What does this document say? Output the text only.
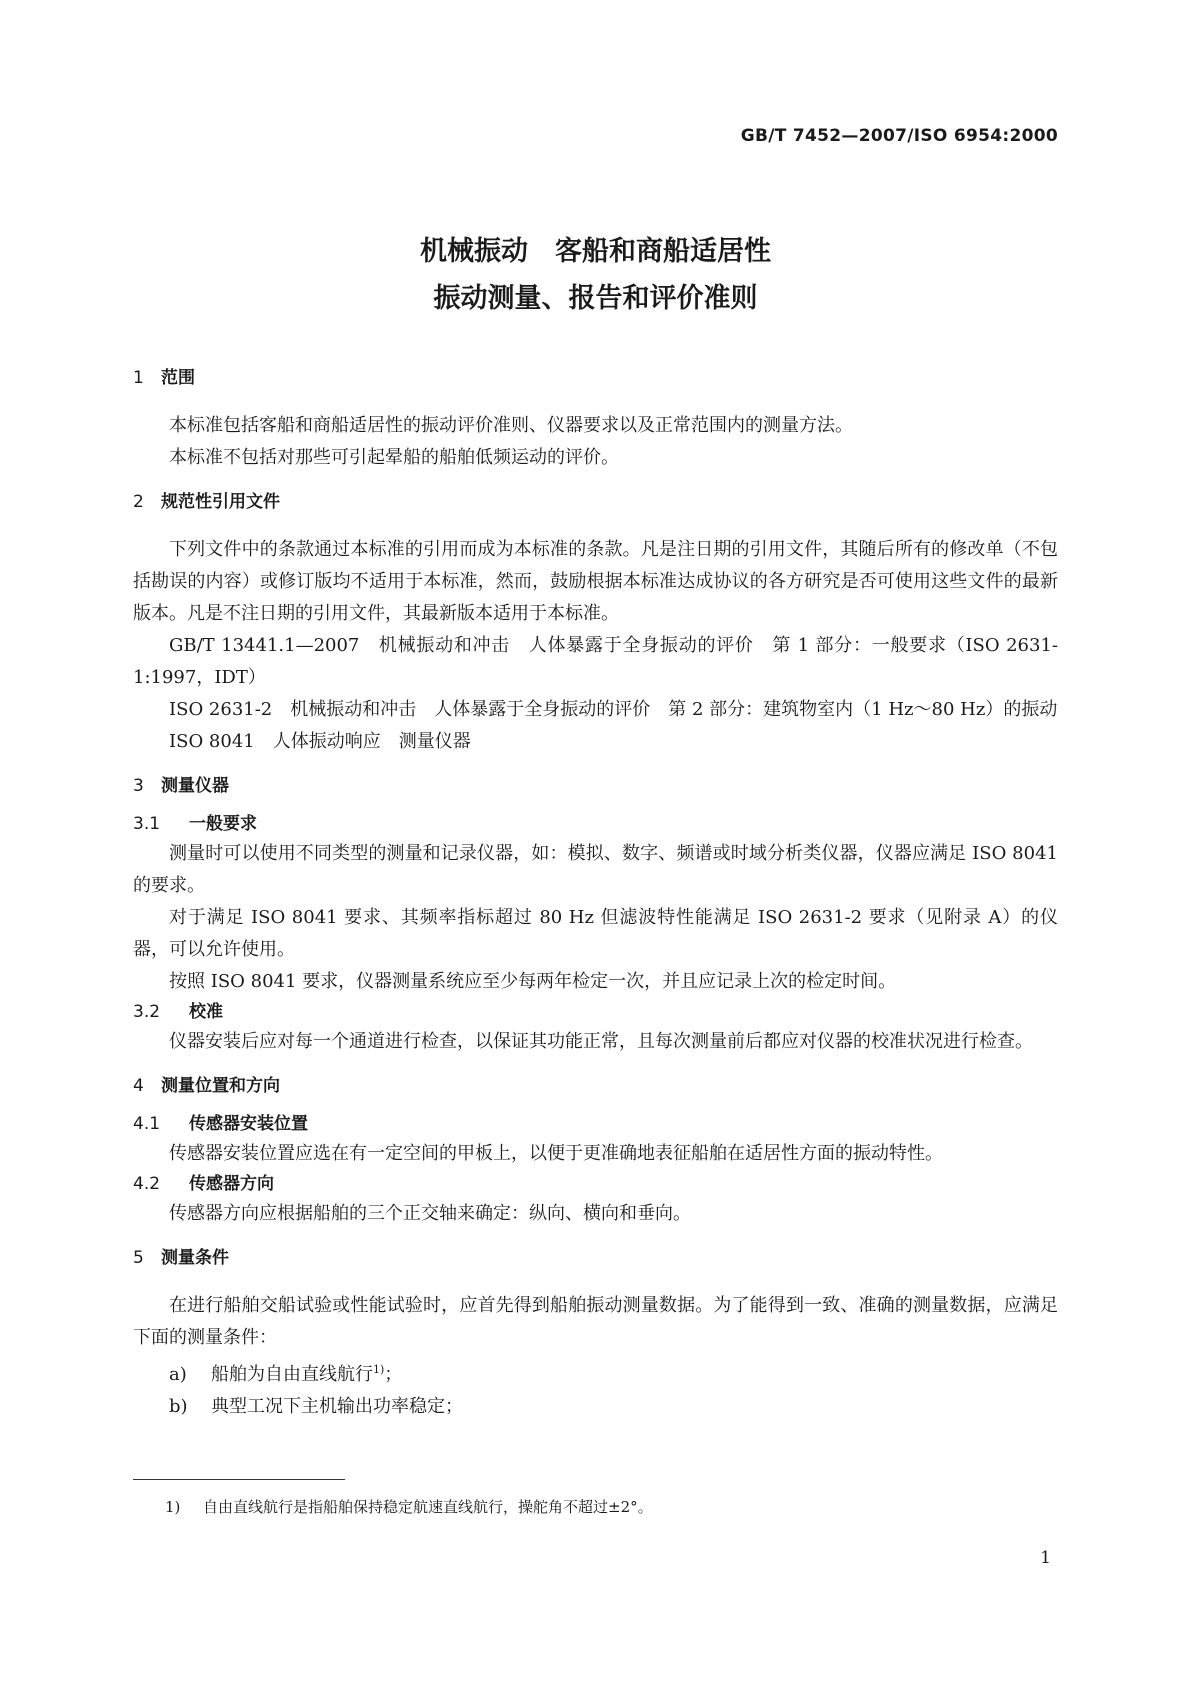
GB/T 7452—2007/ISO 6954:2000
机械振动　客船和商船适居性
振动测量、报告和评价准则
1 范围

本标准包括客船和商船适居性的振动评价准则、仪器要求以及正常范围内的测量方法。

本标准不包括对那些可引起晕船的船舶低频运动的评价。

2 规范性引用文件

下列文件中的条款通过本标准的引用而成为本标准的条款。凡是注日期的引用文件，其随后所有的修改单（不包括勘误的内容）或修订版均不适用于本标准，然而，鼓励根据本标准达成协议的各方研究是否可使用这些文件的最新版本。凡是不注日期的引用文件，其最新版本适用于本标准。

GB/T 13441.1—2007　机械振动和冲击　人体暴露于全身振动的评价　第 1 部分：一般要求（ISO 2631-1:1997，IDT）

ISO 2631-2　机械振动和冲击　人体暴露于全身振动的评价　第 2 部分：建筑物室内（1 Hz～80 Hz）的振动

ISO 8041　人体振动响应　测量仪器

3 测量仪器
3.1 一般要求

测量时可以使用不同类型的测量和记录仪器，如：模拟、数字、频谱或时域分析类仪器，仪器应满足 ISO 8041 的要求。

对于满足 ISO 8041 要求、其频率指标超过 80 Hz 但滤波特性能满足 ISO 2631-2 要求（见附录 A）的仪器，可以允许使用。

按照 ISO 8041 要求，仪器测量系统应至少每两年检定一次，并且应记录上次的检定时间。

3.2 校准

仪器安装后应对每一个通道进行检查，以保证其功能正常，且每次测量前后都应对仪器的校准状况进行检查。

4 测量位置和方向
4.1 传感器安装位置

传感器安装位置应选在有一定空间的甲板上，以便于更准确地表征船舶在适居性方面的振动特性。

4.2 传感器方向

传感器方向应根据船舶的三个正交轴来确定：纵向、横向和垂向。

5 测量条件

在进行船舶交船试验或性能试验时，应首先得到船舶振动测量数据。为了能得到一致、准确的测量数据，应满足下面的测量条件：

a) 船舶为自由直线航行$^{1)}$；

b) 典型工况下主机输出功率稳定；

1) 自由直线航行是指船舶保持稳定航速直线航行，操舵角不超过±2°。
1
